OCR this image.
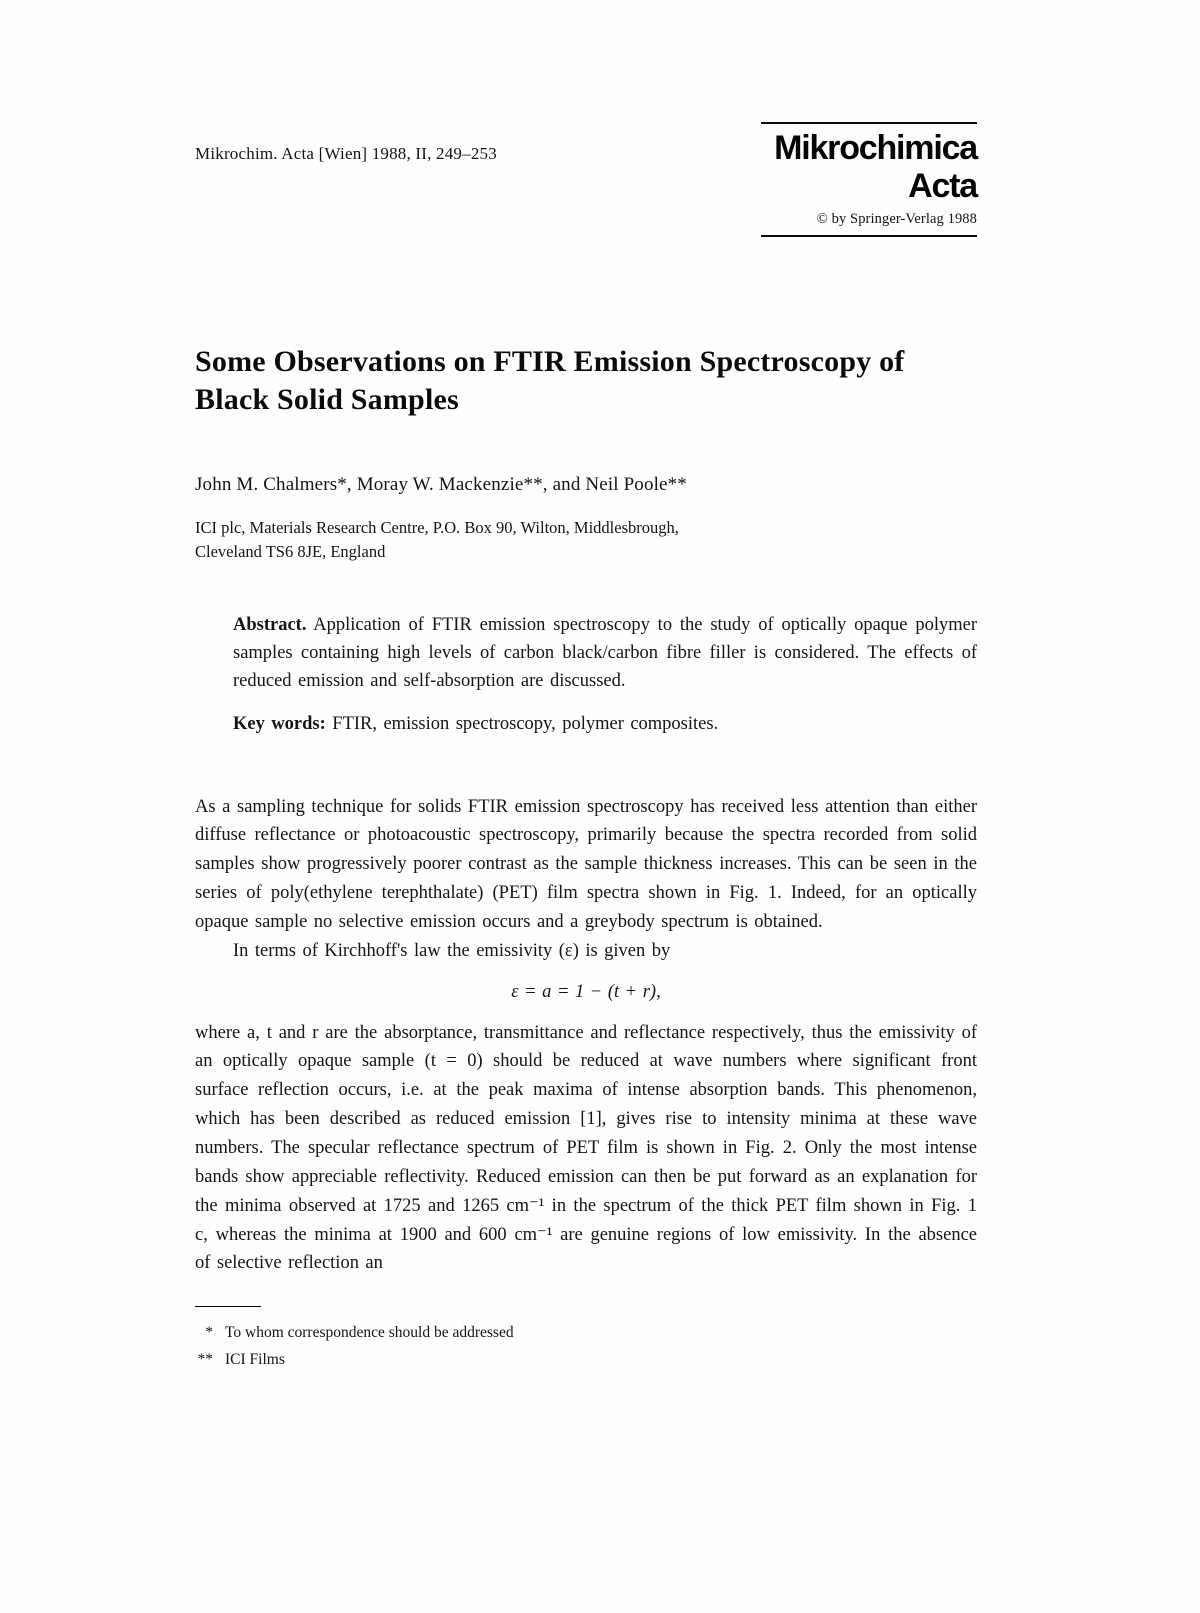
Mikrochim. Acta [Wien] 1988, II, 249–253	Mikrochimica
Acta
© by Springer-Verlag 1988
Some Observations on FTIR Emission Spectroscopy of Black Solid Samples
John M. Chalmers*, Moray W. Mackenzie**, and Neil Poole**
ICI plc, Materials Research Centre, P.O. Box 90, Wilton, Middlesbrough,
Cleveland TS6 8JE, England

Abstract. Application of FTIR emission spectroscopy to the study of optically opaque polymer samples containing high levels of carbon black/carbon fibre filler is considered. The effects of reduced emission and self-absorption are discussed.

Key words: FTIR, emission spectroscopy, polymer composites.

As a sampling technique for solids FTIR emission spectroscopy has received less attention than either diffuse reflectance or photoacoustic spectroscopy, primarily because the spectra recorded from solid samples show progressively poorer contrast as the sample thickness increases. This can be seen in the series of poly(ethylene terephthalate) (PET) film spectra shown in Fig. 1. Indeed, for an optically opaque sample no selective emission occurs and a greybody spectrum is obtained.

In terms of Kirchhoff's law the emissivity (ε) is given by

ε = a = 1 − (t + r),

where a, t and r are the absorptance, transmittance and reflectance respectively, thus the emissivity of an optically opaque sample (t = 0) should be reduced at wave numbers where significant front surface reflection occurs, i.e. at the peak maxima of intense absorption bands. This phenomenon, which has been described as reduced emission [1], gives rise to intensity minima at these wave numbers. The specular reflectance spectrum of PET film is shown in Fig. 2. Only the most intense bands show appreciable reflectivity. Reduced emission can then be put forward as an explanation for the minima observed at 1725 and 1265 cm⁻¹ in the spectrum of the thick PET film shown in Fig. 1 c, whereas the minima at 1900 and 600 cm⁻¹ are genuine regions of low emissivity. In the absence of selective reflection an

* To whom correspondence should be addressed
** ICI Films
